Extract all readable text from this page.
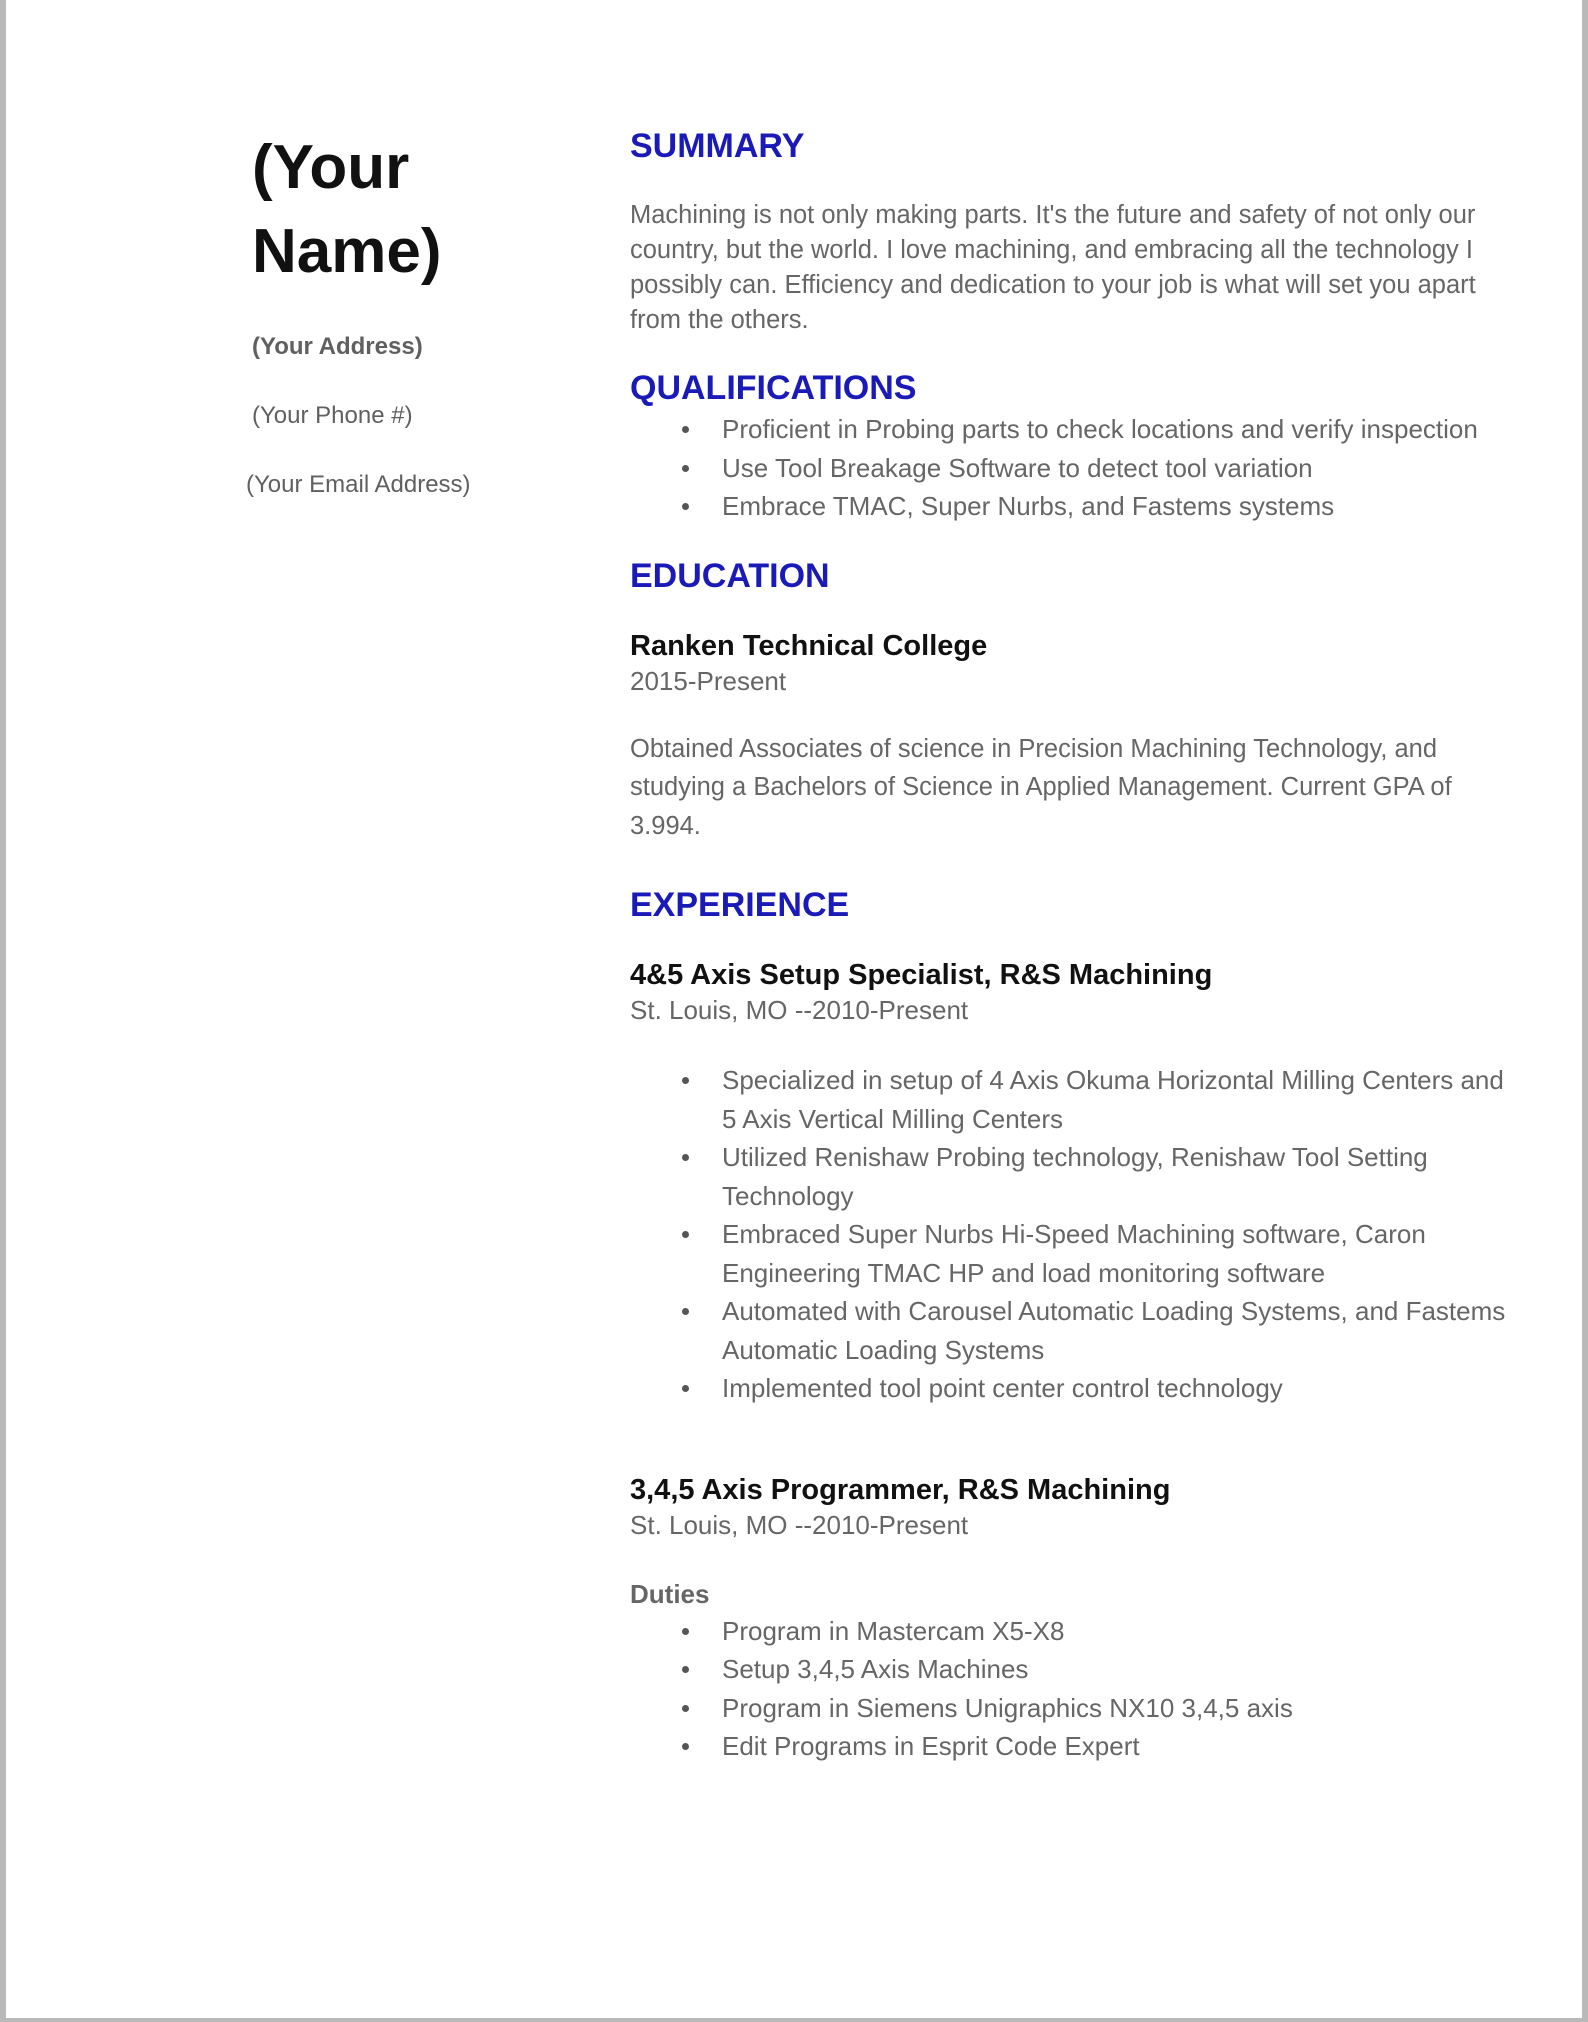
(Your Name)
(Your Address)
(Your Phone #)
(Your Email Address)
SUMMARY

Machining is not only making parts. It's the future and safety of not only our country, but the world. I love machining, and embracing all the technology I possibly can. Efficiency and dedication to your job is what will set you apart from the others.

QUALIFICATIONS
Proficient in Probing parts to check locations and verify inspection
Use Tool Breakage Software to detect tool variation
Embrace TMAC, Super Nurbs, and Fastems systems
EDUCATION
Ranken Technical College
2015-Present

Obtained Associates of science in Precision Machining Technology, and studying a Bachelors of Science in Applied Management. Current GPA of 3.994.

EXPERIENCE
4&5 Axis Setup Specialist, R&S Machining
St. Louis, MO --2010-Present
Specialized in setup of 4 Axis Okuma Horizontal Milling Centers and 5 Axis Vertical Milling Centers
Utilized Renishaw Probing technology, Renishaw Tool Setting Technology
Embraced Super Nurbs Hi-Speed Machining software, Caron Engineering TMAC HP and load monitoring software
Automated with Carousel Automatic Loading Systems, and Fastems Automatic Loading Systems
Implemented tool point center control technology
3,4,5 Axis Programmer, R&S Machining
St. Louis, MO --2010-Present
Duties
Program in Mastercam X5-X8
Setup 3,4,5 Axis Machines
Program in Siemens Unigraphics NX10 3,4,5 axis
Edit Programs in Esprit Code Expert
